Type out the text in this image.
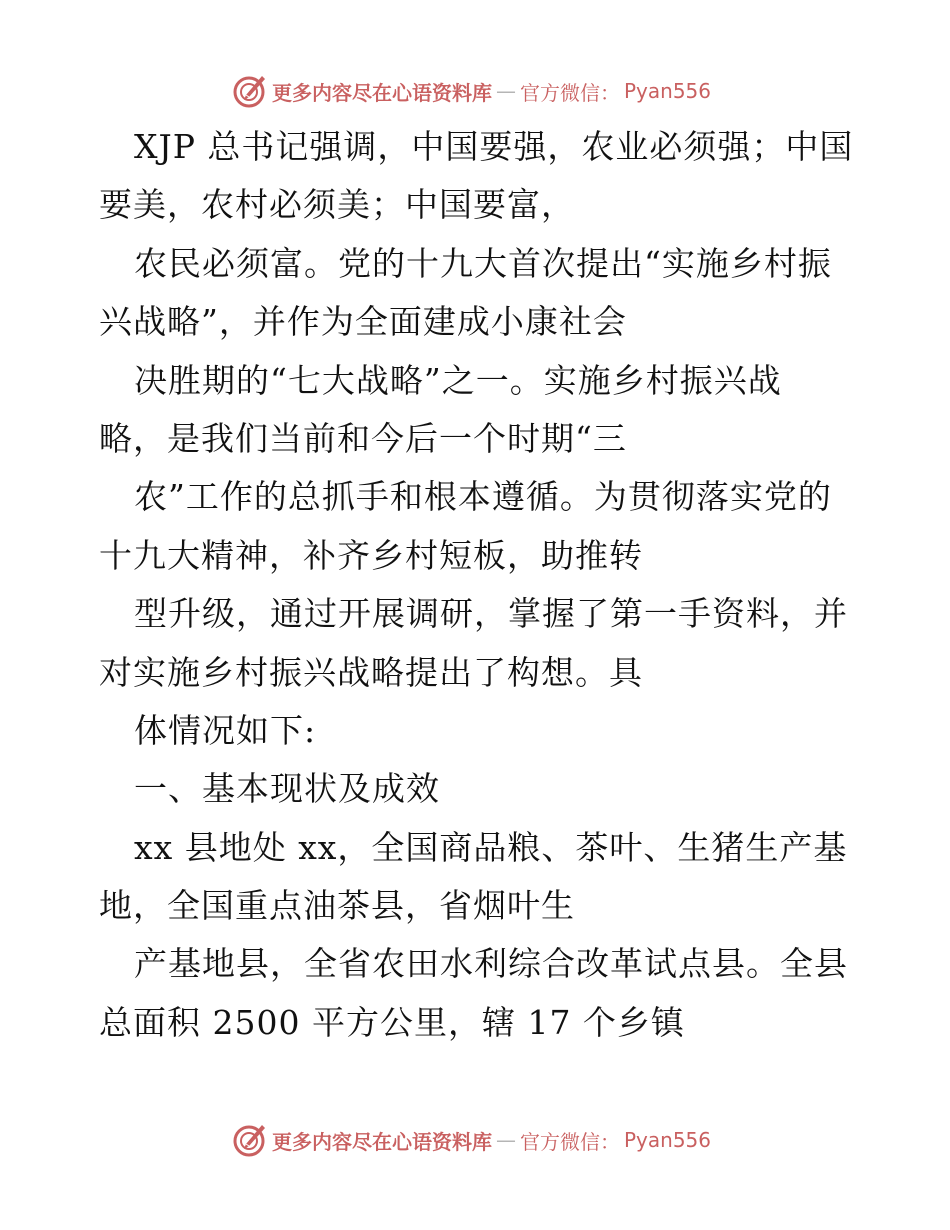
更多内容尽在心语资料库 — 官方微信： Pyan556
XJP 总书记强调，中国要强，农业必须强；中国
要美，农村必须美；中国要富，
农民必须富。党的十九大首次提出“实施乡村振
兴战略”，并作为全面建成小康社会
决胜期的“七大战略”之一。实施乡村振兴战
略，是我们当前和今后一个时期“三
农”工作的总抓手和根本遵循。为贯彻落实党的
十九大精神，补齐乡村短板，助推转
型升级，通过开展调研，掌握了第一手资料，并
对实施乡村振兴战略提出了构想。具
体情况如下:
一、基本现状及成效
xx 县地处 xx，全国商品粮、茶叶、生猪生产基
地，全国重点油茶县，省烟叶生
产基地县，全省农田水利综合改革试点县。全县
总面积 2500 平方公里，辖 17 个乡镇
更多内容尽在心语资料库 — 官方微信： Pyan556
